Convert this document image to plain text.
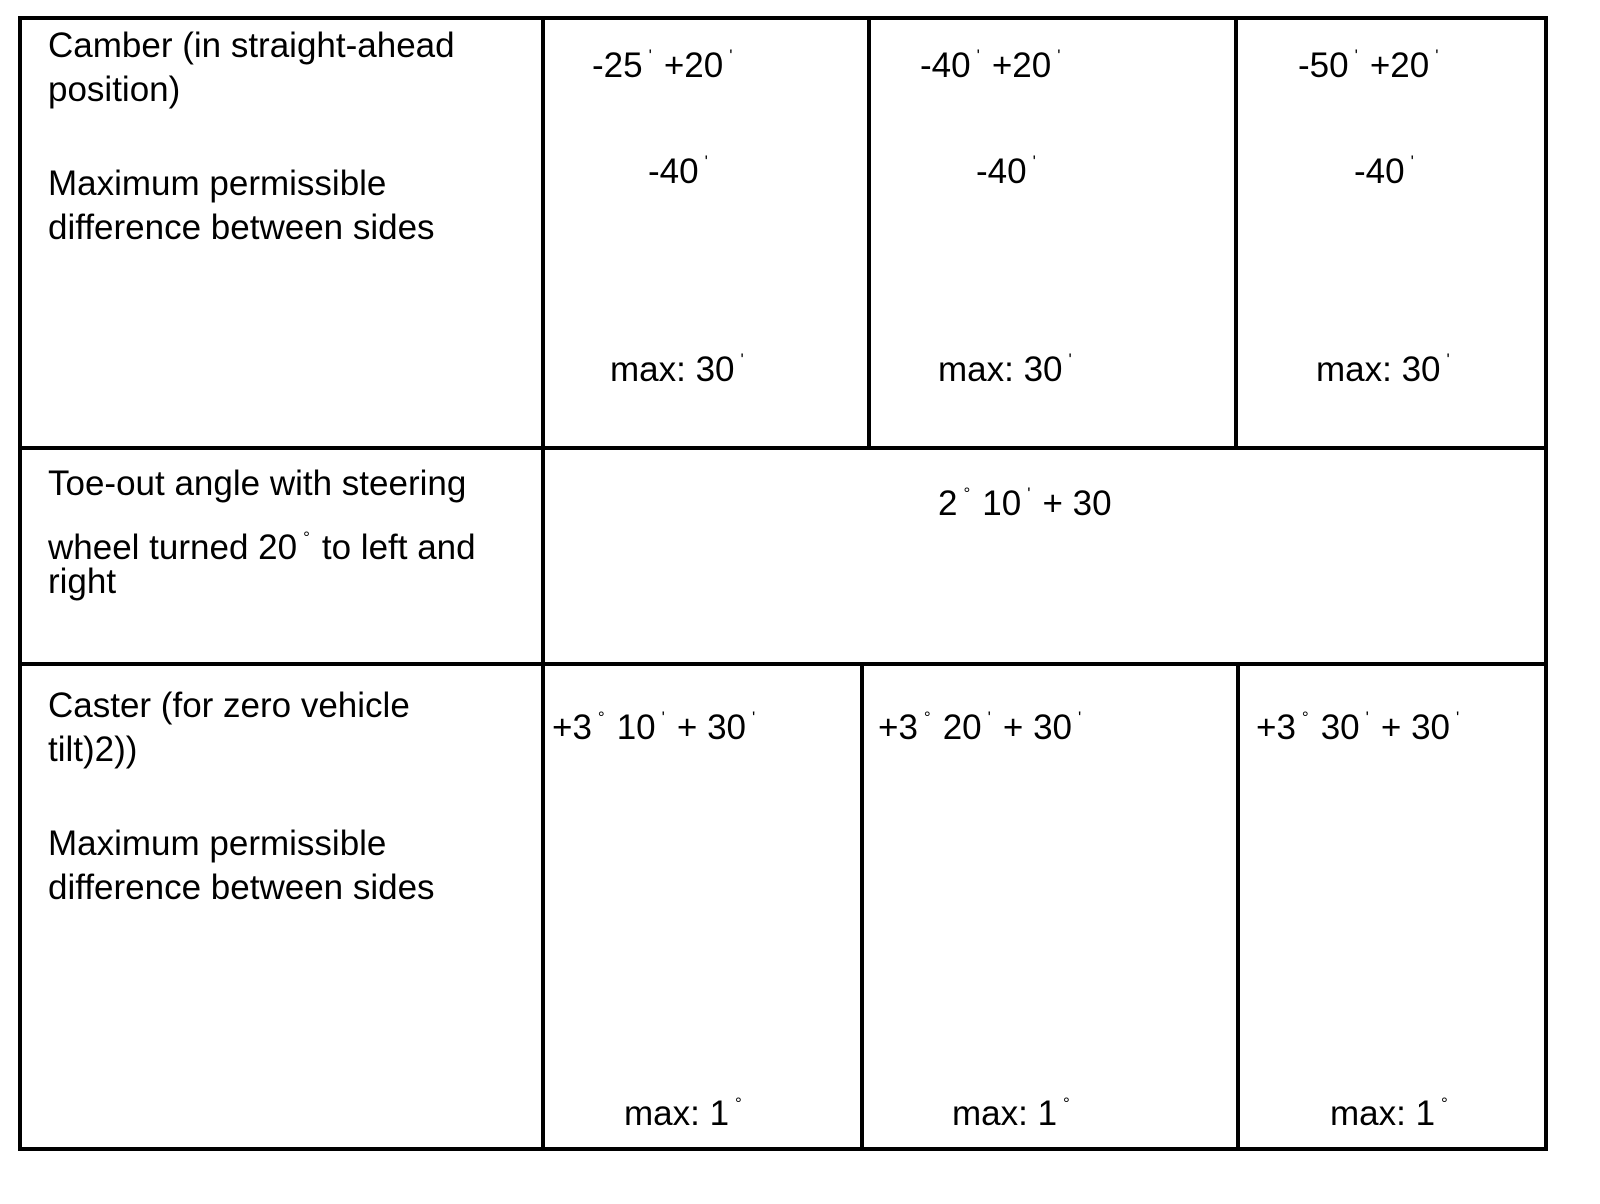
Camber (in straight-ahead
position)
Maximum permissible
difference between sides
-25 ' +20 '
-40 '
max: 30 '
-40 ' +20 '
-40 '
max: 30 '
-50 ' +20 '
-40 '
max: 30 '
Toe-out angle with steering
wheel turned 20 ° to left and
right
2 ° 10 ' + 30
Caster (for zero vehicle
tilt)2))
Maximum permissible
difference between sides
+3 ° 10 ' + 30 '
max: 1 °
+3 ° 20 ' + 30 '
max: 1 °
+3 ° 30 ' + 30 '
max: 1 °
